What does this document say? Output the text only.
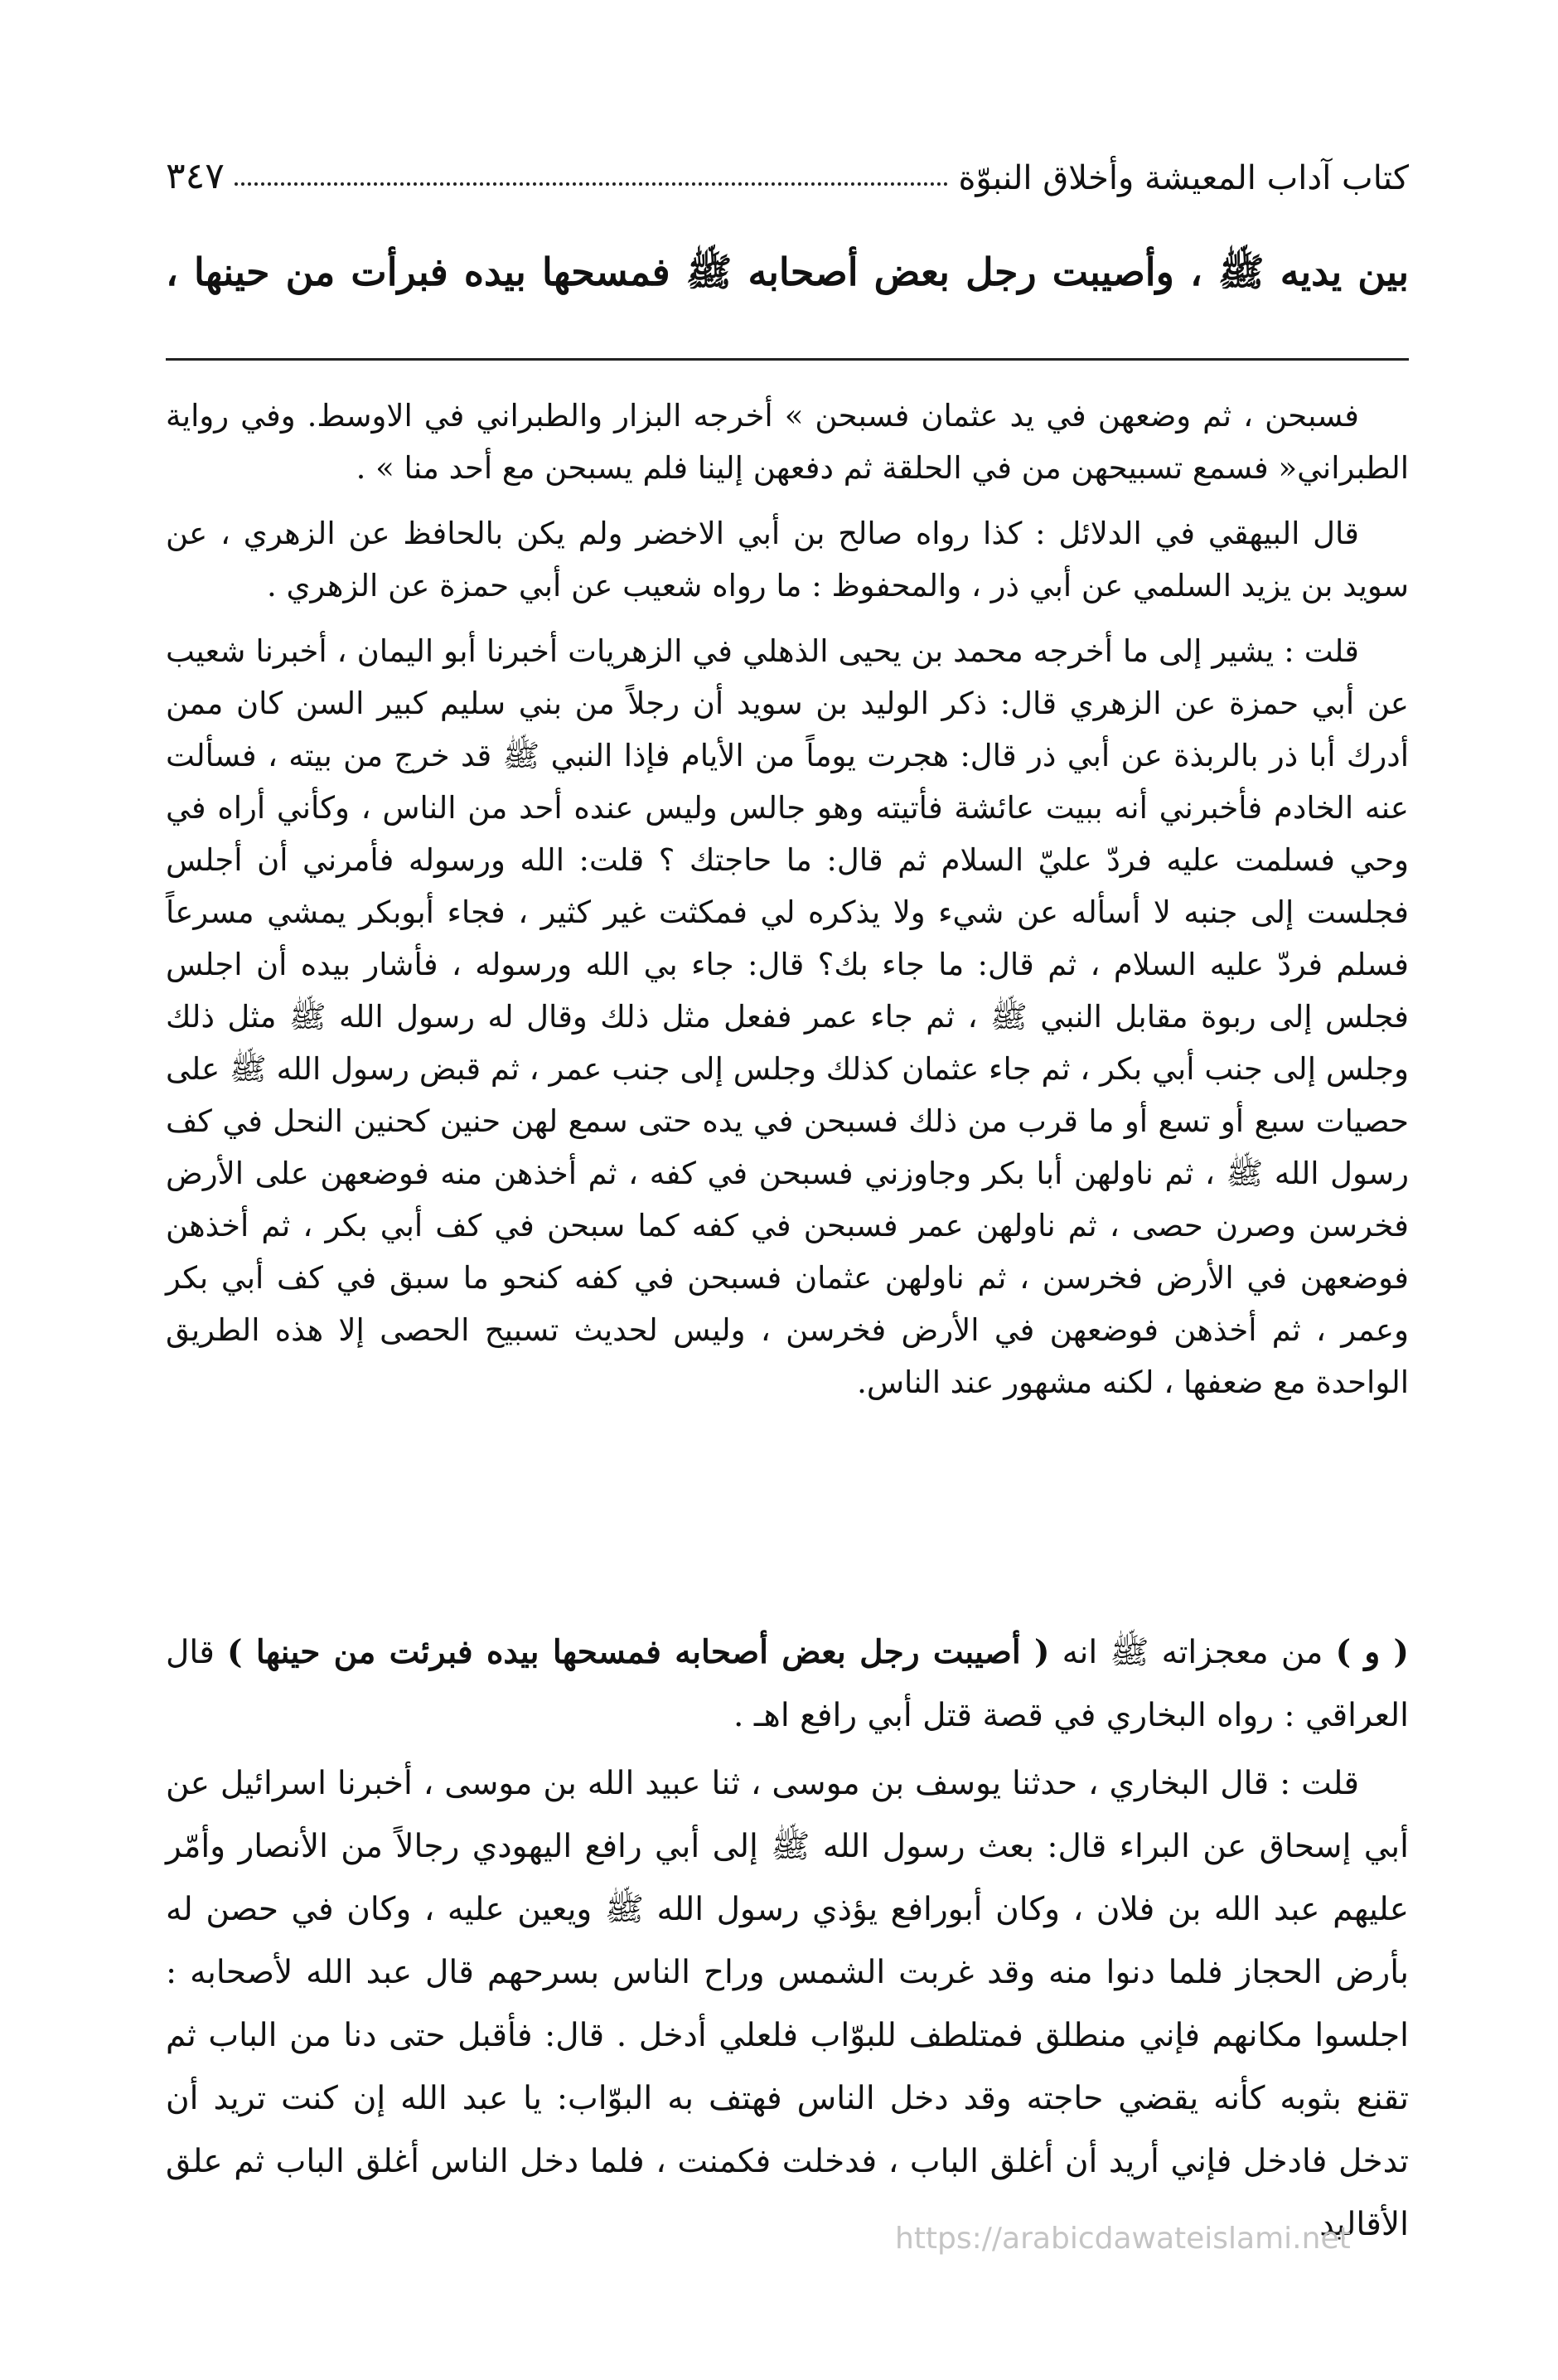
كتاب آداب المعيشة وأخلاق النبوّة
٣٤٧
بين يديه ﷺ ، وأصيبت رجل بعض أصحابه ﷺ فمسحها بيده فبرأت من حينها ،

فسبحن ، ثم وضعهن في يد عثمان فسبحن » أخرجه البزار والطبراني في الاوسط. وفي رواية الطبراني« فسمع تسبيحهن من في الحلقة ثم دفعهن إلينا فلم يسبحن مع أحد منا » .

قال البيهقي في الدلائل : كذا رواه صالح بن أبي الاخضر ولم يكن بالحافظ عن الزهري ، عن سويد بن يزيد السلمي عن أبي ذر ، والمحفوظ : ما رواه شعيب عن أبي حمزة عن الزهري .

قلت : يشير إلى ما أخرجه محمد بن يحيى الذهلي في الزهريات أخبرنا أبو اليمان ، أخبرنا شعيب عن أبي حمزة عن الزهري قال: ذكر الوليد بن سويد أن رجلاً من بني سليم كبير السن كان ممن أدرك أبا ذر بالربذة عن أبي ذر قال: هجرت يوماً من الأيام فإذا النبي ﷺ قد خرج من بيته ، فسألت عنه الخادم فأخبرني أنه ببيت عائشة فأتيته وهو جالس وليس عنده أحد من الناس ، وكأني أراه في وحي فسلمت عليه فردّ عليّ السلام ثم قال: ما حاجتك ؟ قلت: الله ورسوله فأمرني أن أجلس فجلست إلى جنبه لا أسأله عن شيء ولا يذكره لي فمكثت غير كثير ، فجاء أبوبكر يمشي مسرعاً فسلم فردّ عليه السلام ، ثم قال: ما جاء بك؟ قال: جاء بي الله ورسوله ، فأشار بيده أن اجلس فجلس إلى ربوة مقابل النبي ﷺ ، ثم جاء عمر ففعل مثل ذلك وقال له رسول الله ﷺ مثل ذلك وجلس إلى جنب أبي بكر ، ثم جاء عثمان كذلك وجلس إلى جنب عمر ، ثم قبض رسول الله ﷺ على حصيات سبع أو تسع أو ما قرب من ذلك فسبحن في يده حتى سمع لهن حنين كحنين النحل في كف رسول الله ﷺ ، ثم ناولهن أبا بكر وجاوزني فسبحن في كفه ، ثم أخذهن منه فوضعهن على الأرض فخرسن وصرن حصى ، ثم ناولهن عمر فسبحن في كفه كما سبحن في كف أبي بكر ، ثم أخذهن فوضعهن في الأرض فخرسن ، ثم ناولهن عثمان فسبحن في كفه كنحو ما سبق في كف أبي بكر وعمر ، ثم أخذهن فوضعهن في الأرض فخرسن ، وليس لحديث تسبيح الحصى إلا هذه الطريق الواحدة مع ضعفها ، لكنه مشهور عند الناس.

( و ) من معجزاته ﷺ انه ( أصيبت رجل بعض أصحابه فمسحها بيده فبرئت من حينها ) قال العراقي : رواه البخاري في قصة قتل أبي رافع اهـ .

قلت : قال البخاري ، حدثنا يوسف بن موسى ، ثنا عبيد الله بن موسى ، أخبرنا اسرائيل عن أبي إسحاق عن البراء قال: بعث رسول الله ﷺ إلى أبي رافع اليهودي رجالاً من الأنصار وأمّر عليهم عبد الله بن فلان ، وكان أبورافع يؤذي رسول الله ﷺ ويعين عليه ، وكان في حصن له بأرض الحجاز فلما دنوا منه وقد غربت الشمس وراح الناس بسرحهم قال عبد الله لأصحابه : اجلسوا مكانهم فإني منطلق فمتلطف للبوّاب فلعلي أدخل . قال: فأقبل حتى دنا من الباب ثم تقنع بثوبه كأنه يقضي حاجته وقد دخل الناس فهتف به البوّاب: يا عبد الله إن كنت تريد أن تدخل فادخل فإني أريد أن أغلق الباب ، فدخلت فكمنت ، فلما دخل الناس أغلق الباب ثم علق الأقاليد

https://arabicdawateislami.net
